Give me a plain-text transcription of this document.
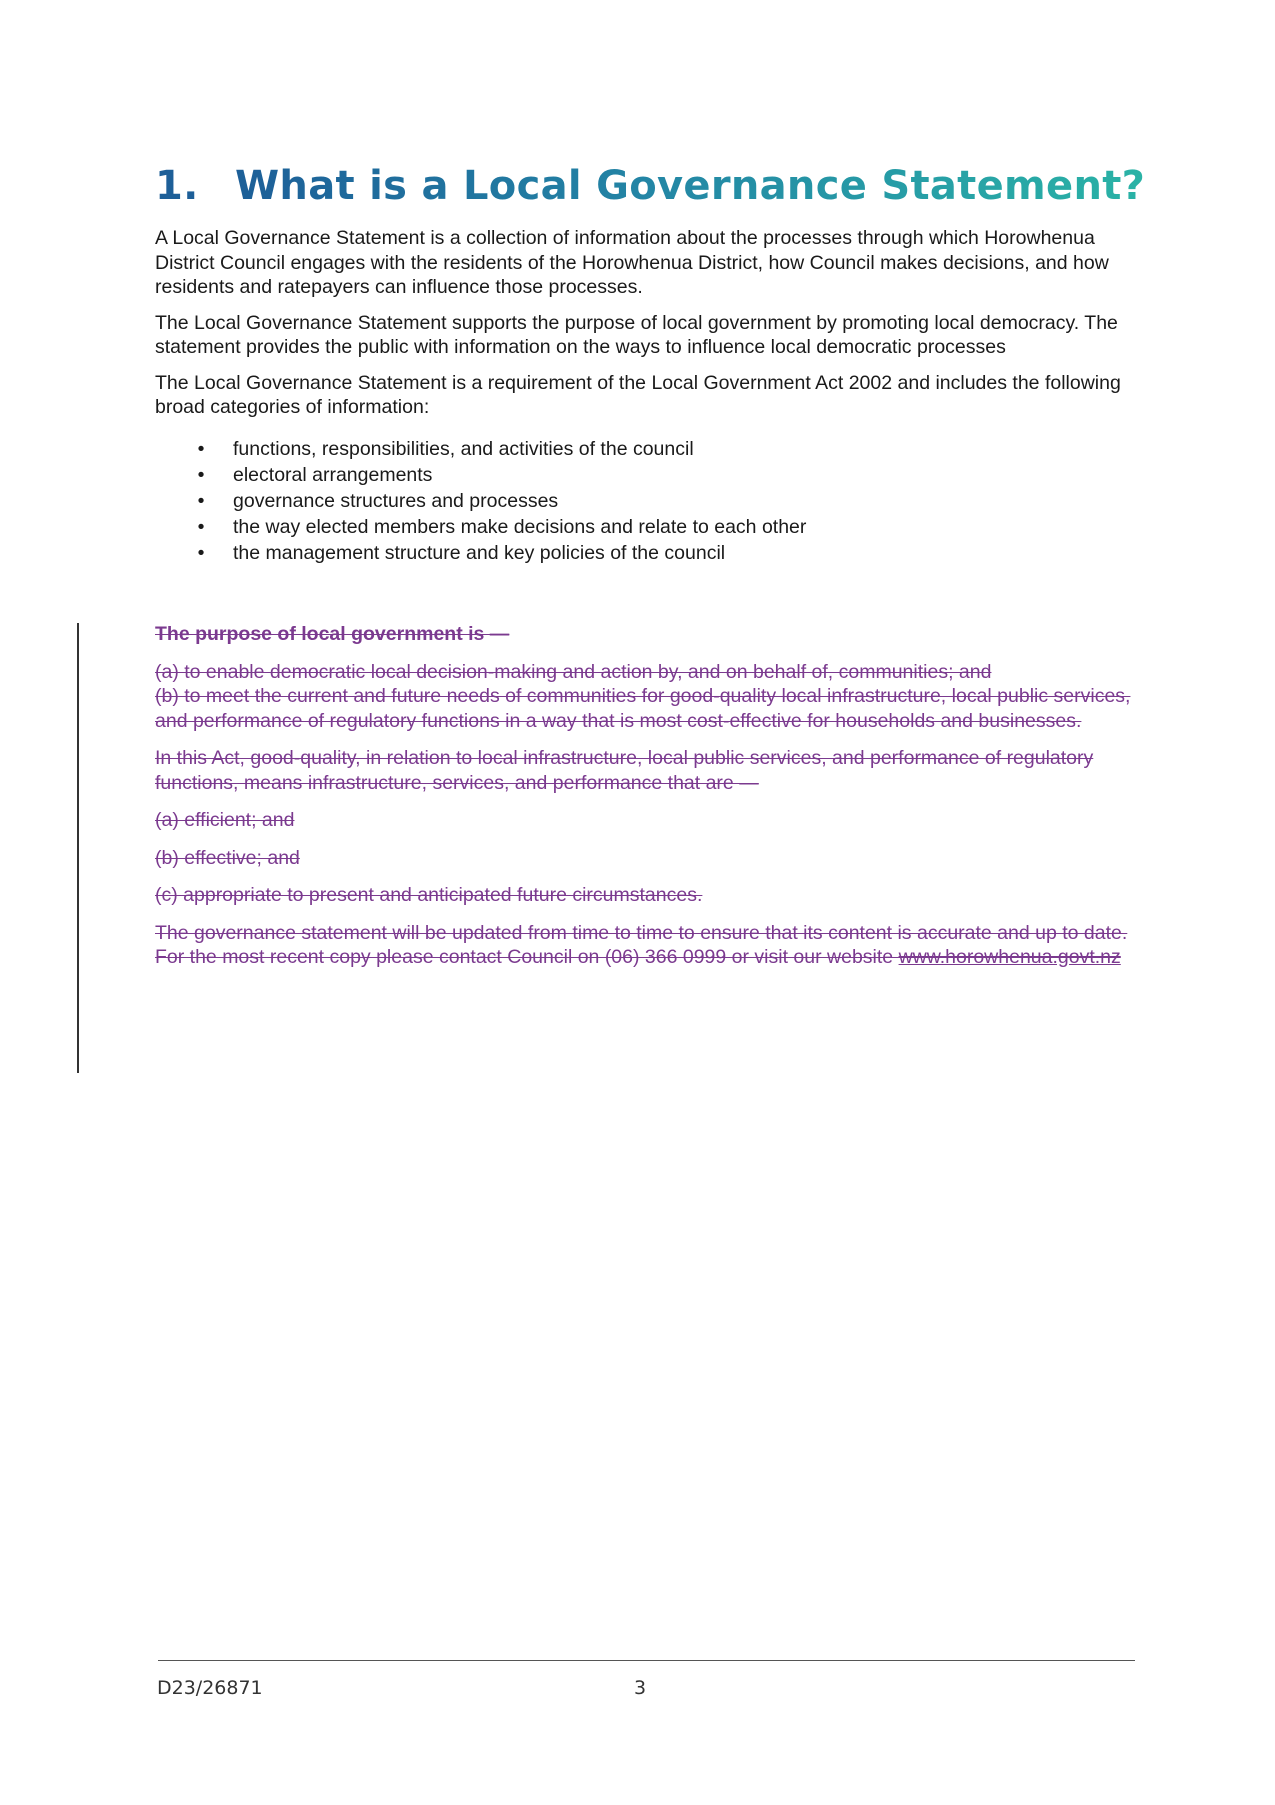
1. What is a Local Governance Statement?

A Local Governance Statement is a collection of information about the processes through which Horowhenua District Council engages with the residents of the Horowhenua District, how Council makes decisions, and how residents and ratepayers can influence those processes.

The Local Governance Statement supports the purpose of local government by promoting local democracy. The statement provides the public with information on the ways to influence local democratic processes

The Local Governance Statement is a requirement of the Local Government Act 2002 and includes the following broad categories of information:

• functions, responsibilities, and activities of the council
• electoral arrangements
• governance structures and processes
• the way elected members make decisions and relate to each other
• the management structure and key policies of the council

The purpose of local government is —

(a) to enable democratic local decision-making and action by, and on behalf of, communities; and
(b) to meet the current and future needs of communities for good-quality local infrastructure, local public services, and performance of regulatory functions in a way that is most cost-effective for households and businesses.

In this Act, good-quality, in relation to local infrastructure, local public services, and performance of regulatory functions, means infrastructure, services, and performance that are —

(a) efficient; and

(b) effective; and

(c) appropriate to present and anticipated future circumstances.

The governance statement will be updated from time to time to ensure that its content is accurate and up to date. For the most recent copy please contact Council on (06) 366 0999 or visit our website www.horowhenua.govt.nz

D23/26871	3
